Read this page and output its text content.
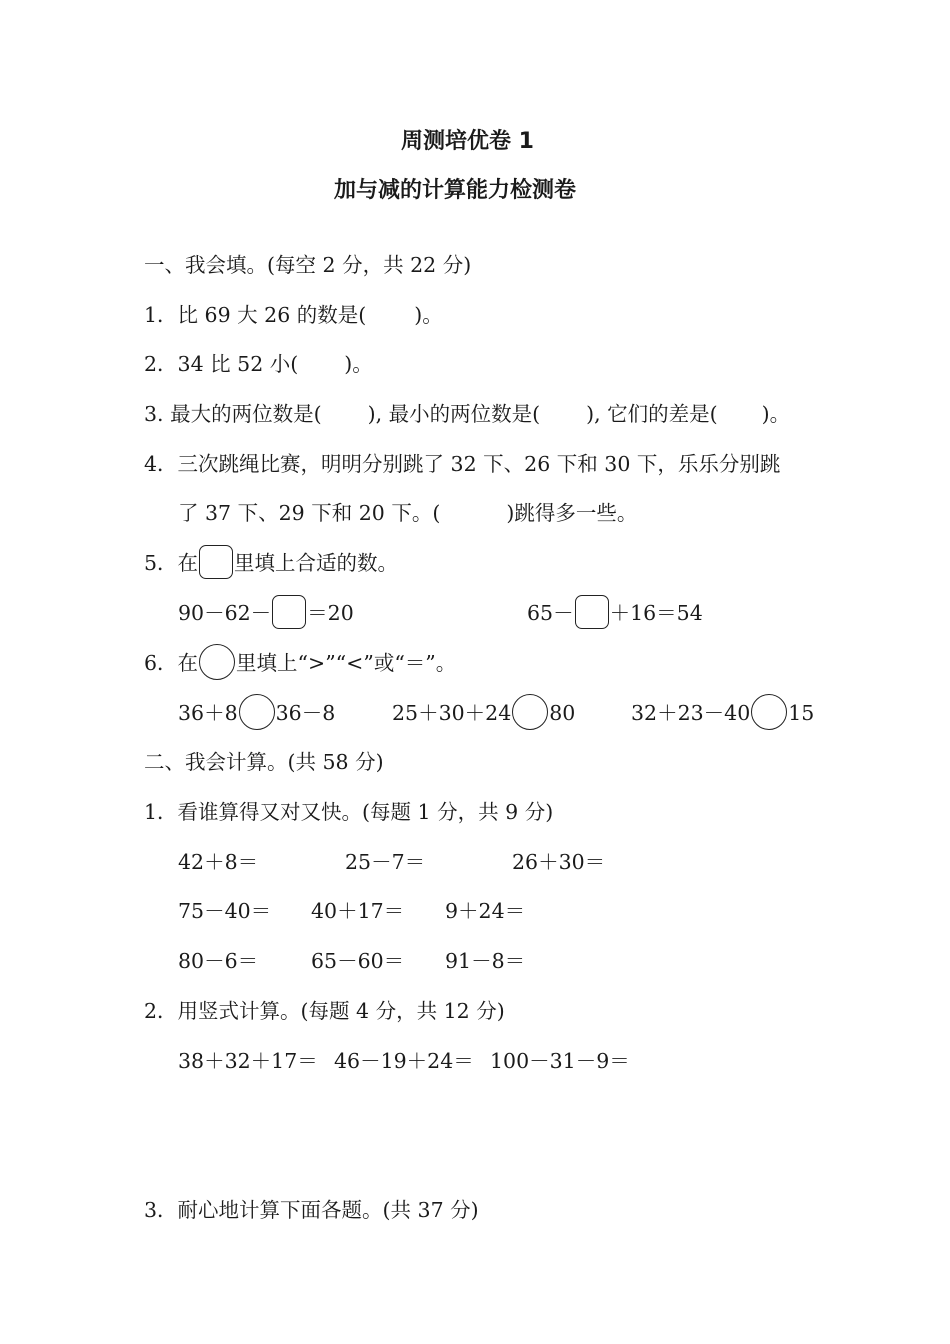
周测培优卷 1
加与减的计算能力检测卷
一、我会填。(每空 2 分，共 22 分)
1．比 69 大 26 的数是( )。
2．34 比 52 小( )。
3. 最大的两位数是( ), 最小的两位数是( ), 它们的差是( )。
4．三次跳绳比赛，明明分别跳了 32 下、26 下和 30 下，乐乐分别跳
了 37 下、29 下和 20 下。(	)跳得多一些。
5．在 里填上合适的数。
90－62－ ＝20	65－ ＋16＝54
6．在 里填上“>”“<”或“＝”。
36＋8 36－8	25＋30＋24 80	32＋23－40 15
二、我会计算。(共 58 分)
1．看谁算得又对又快。(每题 1 分，共 9 分)
42＋8＝	25－7＝	26＋30＝
75－40＝ 40＋17＝ 9＋24＝
80－6＝	65－60＝ 91－8＝
2．用竖式计算。(每题 4 分，共 12 分)
38＋32＋17＝ 46－19＋24＝ 100－31－9＝
3．耐心地计算下面各题。(共 37 分)
